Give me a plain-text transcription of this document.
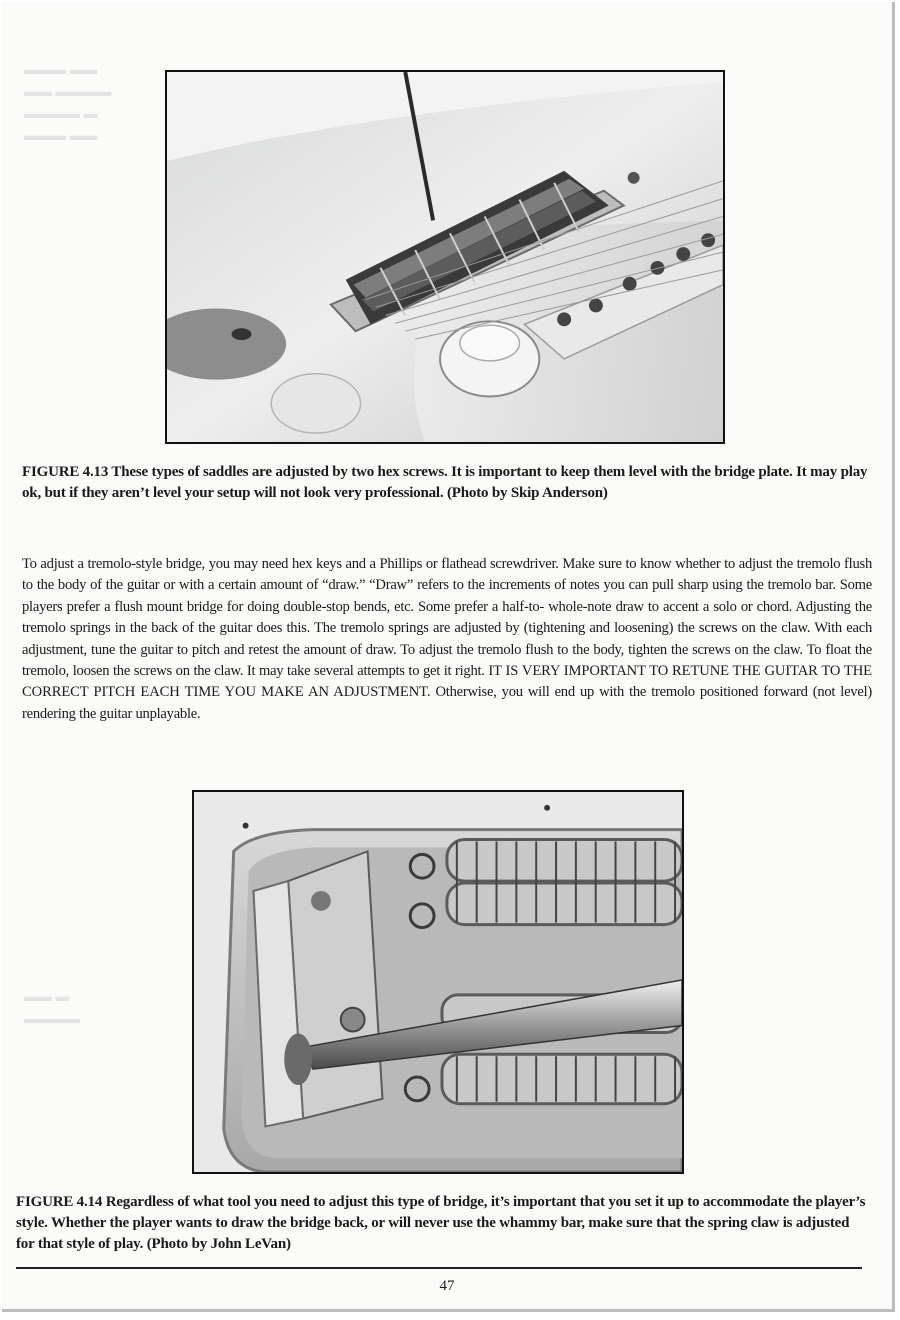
▬▬▬ ▬▬
▬▬ ▬▬▬▬
▬▬▬▬ ▬
▬▬▬ ▬▬
▬▬ ▬
▬▬▬▬
FIGURE 4.13 These types of saddles are adjusted by two hex screws. It is important to keep them level with the bridge plate. It may play ok, but if they aren’t level your setup will not look very professional. (Photo by Skip Anderson)
To adjust a tremolo-style bridge, you may need hex keys and a Phillips or flathead screwdriver. Make sure to know whether to adjust the tremolo flush to the body of the guitar or with a certain amount of “draw.” “Draw” refers to the increments of notes you can pull sharp using the tremolo bar. Some players prefer a flush mount bridge for doing double-stop bends, etc. Some prefer a half-to- whole-note draw to accent a solo or chord. Adjusting the tremolo springs in the back of the guitar does this. The tremolo springs are adjusted by (tightening and loosening) the screws on the claw. With each adjustment, tune the guitar to pitch and retest the amount of draw. To adjust the tremolo flush to the body, tighten the screws on the claw. To float the tremolo, loosen the screws on the claw. It may take several attempts to get it right. IT IS VERY IMPORTANT TO RETUNE THE GUITAR TO THE CORRECT PITCH EACH TIME YOU MAKE AN ADJUSTMENT. Otherwise, you will end up with the tremolo positioned forward (not level) rendering the guitar unplayable.
FIGURE 4.14 Regardless of what tool you need to adjust this type of bridge, it’s important that you set it up to accommodate the player’s style. Whether the player wants to draw the bridge back, or will never use the whammy bar, make sure that the spring claw is adjusted for that style of play. (Photo by John LeVan)
47
